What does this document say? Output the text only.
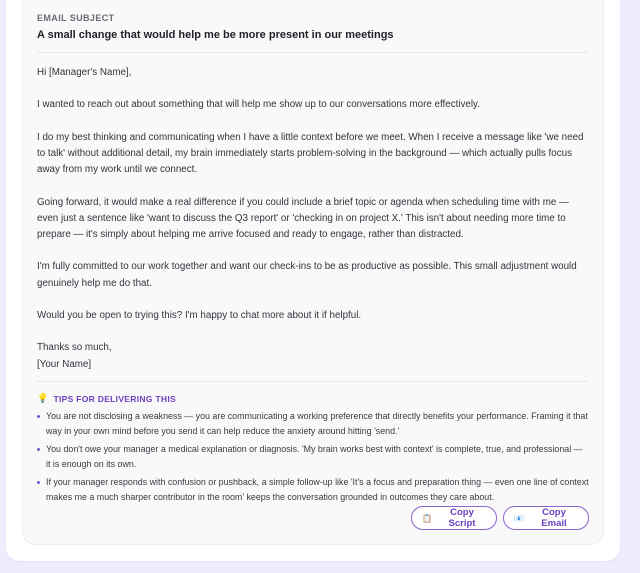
EMAIL SUBJECT
A small change that would help me be more present in our meetings

Hi [Manager's Name],

I wanted to reach out about something that will help me show up to our conversations more effectively.

I do my best thinking and communicating when I have a little context before we meet. When I receive a message like 'we need to talk' without additional detail, my brain immediately starts problem-solving in the background — which actually pulls focus away from my work until we connect.

Going forward, it would make a real difference if you could include a brief topic or agenda when scheduling time with me — even just a sentence like 'want to discuss the Q3 report' or 'checking in on project X.' This isn't about needing more time to prepare — it's simply about helping me arrive focused and ready to engage, rather than distracted.

I'm fully committed to our work together and want our check-ins to be as productive as possible. This small adjustment would genuinely help me do that.

Would you be open to trying this? I'm happy to chat more about it if helpful.

Thanks so much,

[Your Name]

💡 TIPS FOR DELIVERING THIS
You are not disclosing a weakness — you are communicating a working preference that directly benefits your performance. Framing it that way in your own mind before you send it can help reduce the anxiety around hitting 'send.'
You don't owe your manager a medical explanation or diagnosis. 'My brain works best with context' is complete, true, and professional — it is enough on its own.
If your manager responds with confusion or pushback, a simple follow-up like 'It's a focus and preparation thing — even one line of context makes me a much sharper contributor in the room' keeps the conversation grounded in outcomes they care about.
📋	Copy Script	📧	Copy Email
